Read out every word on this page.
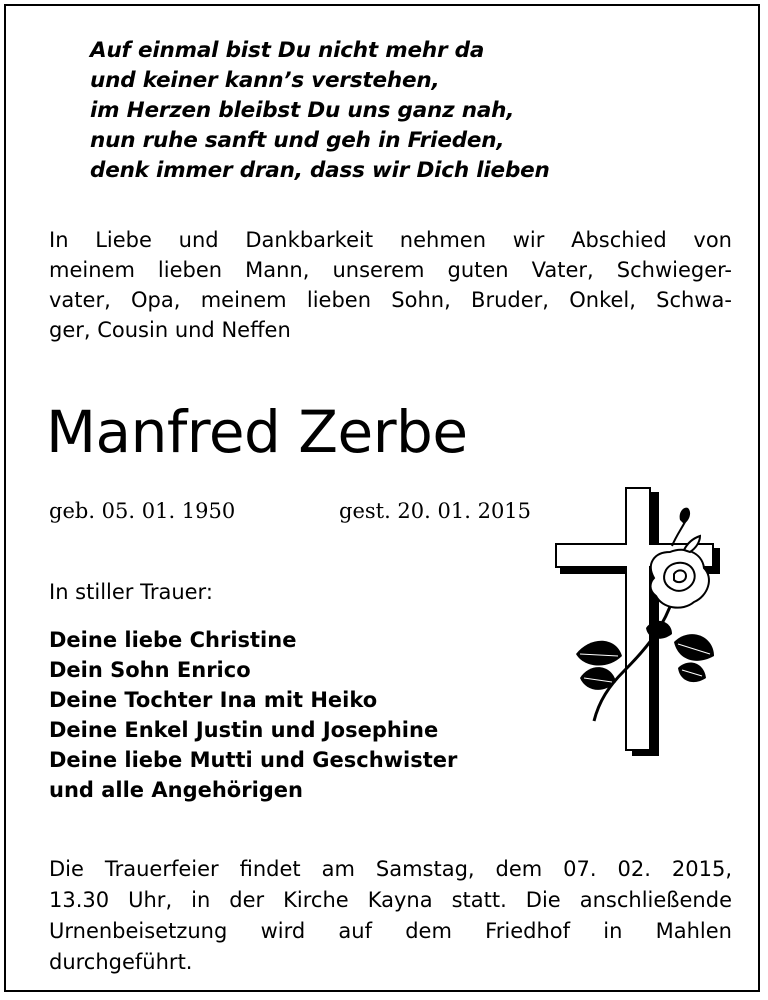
Auf einmal bist Du nicht mehr da
und keiner kann’s verstehen,
im Herzen bleibst Du uns ganz nah,
nun ruhe sanft und geh in Frieden,
denk immer dran, dass wir Dich lieben
In Liebe und Dankbarkeit nehmen wir Abschied von
meinem lieben Mann, unserem guten Vater, Schwieger-
vater, Opa, meinem lieben Sohn, Bruder, Onkel, Schwa-
ger, Cousin und Neffen
Manfred Zerbe
geb. 05. 01. 1950	gest. 20. 01. 2015
In stiller Trauer:
Deine liebe Christine
Dein Sohn Enrico
Deine Tochter Ina mit Heiko
Deine Enkel Justin und Josephine
Deine liebe Mutti und Geschwister
und alle Angehörigen
Die Trauerfeier findet am Samstag, dem 07. 02. 2015,
13.30 Uhr, in der Kirche Kayna statt. Die anschließende
Urnenbeisetzung wird auf dem Friedhof in Mahlen
durchgeführt.
